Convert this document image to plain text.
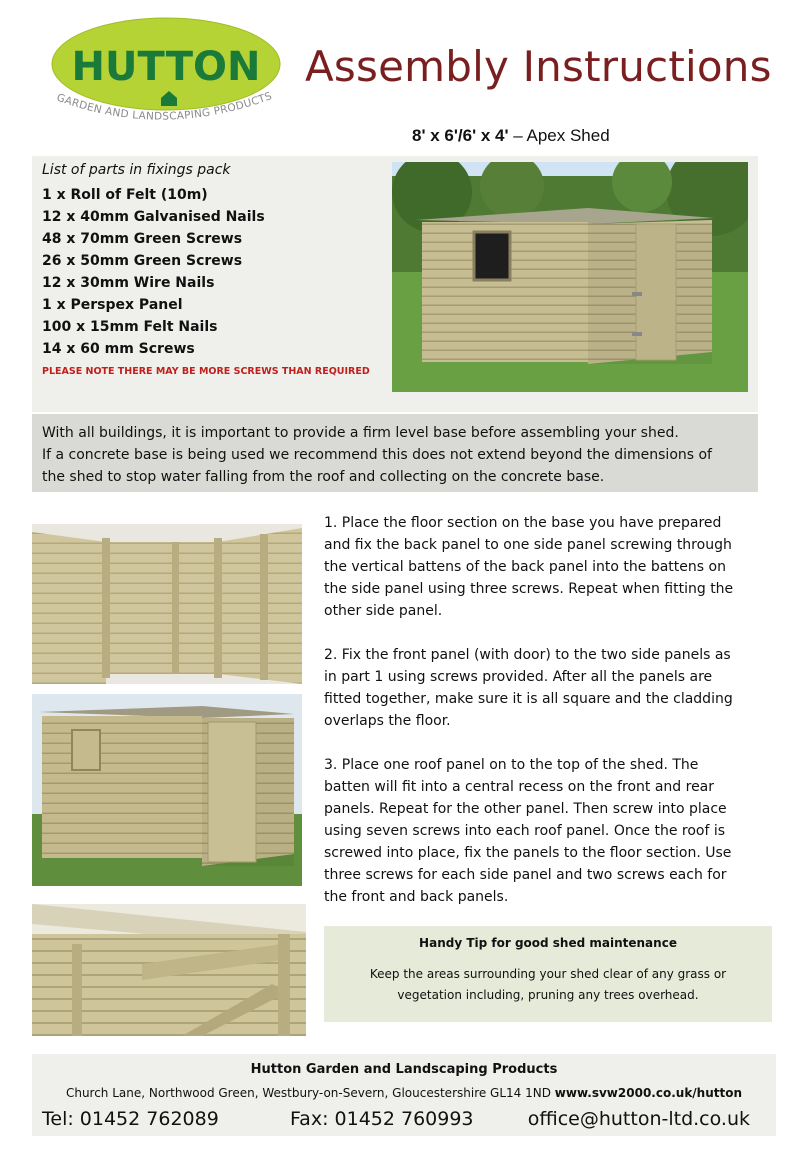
HUTTON
GARDEN AND LANDSCAPING PRODUCTS
Assembly Instructions
8' x 6'/6' x 4' – Apex Shed
List of parts in fixings pack
1 x Roll of Felt (10m)
12 x 40mm Galvanised Nails
48 x 70mm Green Screws
26 x 50mm Green Screws
12 x 30mm Wire Nails
1 x Perspex Panel
100 x 15mm Felt Nails
14 x 60 mm Screws
PLEASE NOTE THERE MAY BE MORE SCREWS THAN REQUIRED

With all buildings, it is important to provide a firm level base before assembling your shed.

If a concrete base is being used we recommend this does not extend beyond the dimensions of

the shed to stop water falling from the roof and collecting on the concrete base.

1. Place the floor section on the base you have prepared
and fix the back panel to one side panel screwing through
the vertical battens of the back panel into the battens on
the side panel using three screws. Repeat when fitting the
other side panel.
2. Fix the front panel (with door) to the two side panels as
in part 1 using screws provided. After all the panels are
fitted together, make sure it is all square and the cladding
overlaps the floor.
3. Place one roof panel on to the top of the shed. The
batten will fit into a central recess on the front and rear
panels. Repeat for the other panel. Then screw into place
using seven screws into each roof panel. Once the roof is
screwed into place, fix the panels to the floor section. Use
three screws for each side panel and two screws each for
the front and back panels.
Handy Tip for good shed maintenance
Keep the areas surrounding your shed clear of any grass or
vegetation including, pruning any trees overhead.
Hutton Garden and Landscaping Products
Church Lane, Northwood Green, Westbury-on-Severn, Gloucestershire GL14 1ND www.svw2000.co.uk/hutton
Tel: 01452 762089	Fax: 01452 760993	office@hutton-ltd.co.uk
